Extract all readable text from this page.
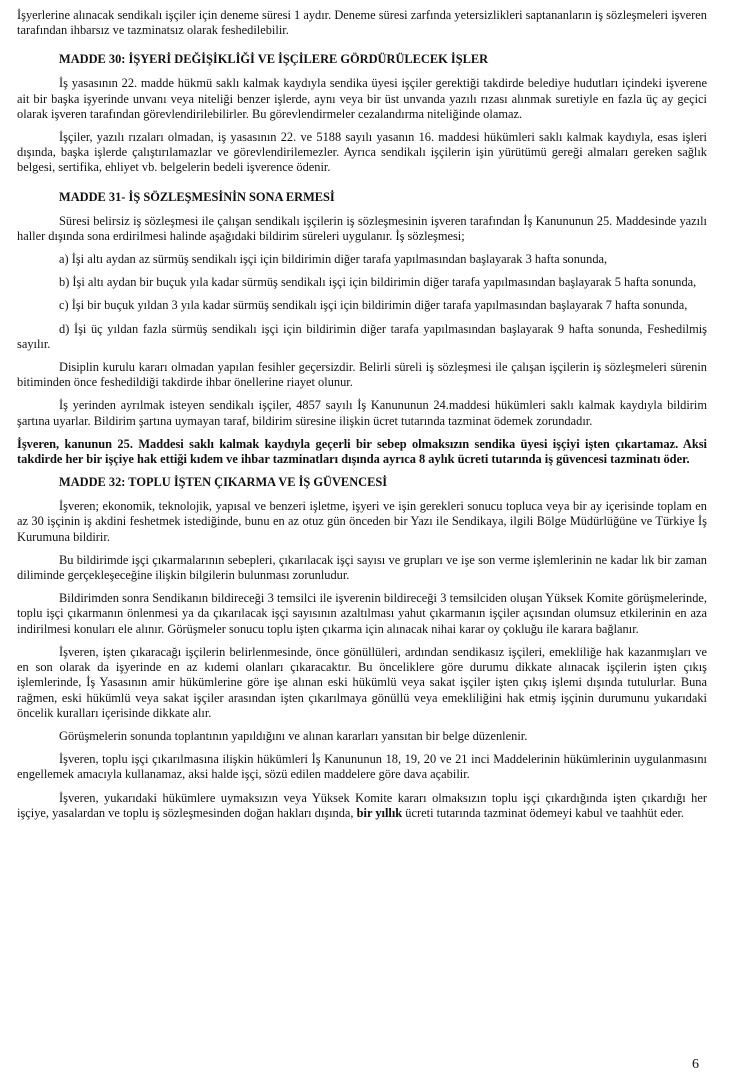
İşyerlerine alınacak sendikalı işçiler için deneme süresi 1 aydır. Deneme süresi zarfında yetersizlikleri saptananların iş sözleşmeleri işveren tarafından ihbarsız ve tazminatsız olarak feshedilebilir.

MADDE 30: İŞYERİ DEĞİŞİKLİĞİ VE İŞÇİLERE GÖRDÜRÜLECEK İŞLER

İş yasasının 22. madde hükmü saklı kalmak kaydıyla sendika üyesi işçiler gerektiği takdirde belediye hudutları içindeki işverene ait bir başka işyerinde unvanı veya niteliği benzer işlerde, aynı veya bir üst unvanda yazılı rızası alınmak suretiyle en fazla üç ay geçici olarak işveren tarafından görevlendirilebilirler. Bu görevlendirmeler cezalandırma niteliğinde olamaz.

İşçiler, yazılı rızaları olmadan, iş yasasının 22. ve 5188 sayılı yasanın 16. maddesi hükümleri saklı kalmak kaydıyla, esas işleri dışında, başka işlerde çalıştırılamazlar ve görevlendirilemezler. Ayrıca sendikalı işçilerin işin yürütümü gereği almaları gereken sağlık belgesi, sertifika, ehliyet vb. belgelerin bedeli işverence ödenir.

MADDE 31- İŞ SÖZLEŞMESİNİN SONA ERMESİ

Süresi belirsiz iş sözleşmesi ile çalışan sendikalı işçilerin iş sözleşmesinin işveren tarafından İş Kanununun 25. Maddesinde yazılı haller dışında sona erdirilmesi halinde aşağıdaki bildirim süreleri uygulanır. İş sözleşmesi;

a) İşi altı aydan az sürmüş sendikalı işçi için bildirimin diğer tarafa yapılmasından başlayarak 3 hafta sonunda,

b) İşi altı aydan bir buçuk yıla kadar sürmüş sendikalı işçi için bildirimin diğer tarafa yapılmasından başlayarak 5 hafta sonunda,

c) İşi bir buçuk yıldan 3 yıla kadar sürmüş sendikalı işçi için bildirimin diğer tarafa yapılmasından başlayarak 7 hafta sonunda,

d) İşi üç yıldan fazla sürmüş sendikalı işçi için bildirimin diğer tarafa yapılmasından başlayarak 9 hafta sonunda, Feshedilmiş sayılır.

Disiplin kurulu kararı olmadan yapılan fesihler geçersizdir. Belirli süreli iş sözleşmesi ile çalışan işçilerin iş sözleşmeleri sürenin bitiminden önce feshedildiği takdirde ihbar önellerine riayet olunur.

İş yerinden ayrılmak isteyen sendikalı işçiler, 4857 sayılı İş Kanununun 24.maddesi hükümleri saklı kalmak kaydıyla bildirim şartına uyarlar. Bildirim şartına uymayan taraf, bildirim süresine ilişkin ücret tutarında tazminat ödemek zorundadır.

İşveren, kanunun 25. Maddesi saklı kalmak kaydıyla geçerli bir sebep olmaksızın sendika üyesi işçiyi işten çıkartamaz. Aksi takdirde her bir işçiye hak ettiği kıdem ve ihbar tazminatları dışında ayrıca 8 aylık ücreti tutarında iş güvencesi tazminatı öder.

MADDE 32: TOPLU İŞTEN ÇIKARMA VE İŞ GÜVENCESİ

İşveren; ekonomik, teknolojik, yapısal ve benzeri işletme, işyeri ve işin gerekleri sonucu topluca veya bir ay içerisinde toplam en az 30 işçinin iş akdini feshetmek istediğinde, bunu en az otuz gün önceden bir Yazı ile Sendikaya, ilgili Bölge Müdürlüğüne ve Türkiye İş Kurumuna bildirir.

Bu bildirimde işçi çıkarmalarının sebepleri, çıkarılacak işçi sayısı ve grupları ve işe son verme işlemlerinin ne kadar lık bir zaman diliminde gerçekleşeceğine ilişkin bilgilerin bulunması zorunludur.

Bildirimden sonra Sendikanın bildireceği 3 temsilci ile işverenin bildireceği 3 temsilciden oluşan Yüksek Komite görüşmelerinde, toplu işçi çıkarmanın önlenmesi ya da çıkarılacak işçi sayısının azaltılması yahut çıkarmanın işçiler açısından olumsuz etkilerinin en aza indirilmesi konuları ele alınır. Görüşmeler sonucu toplu işten çıkarma için alınacak nihai karar oy çokluğu ile karara bağlanır.

İşveren, işten çıkaracağı işçilerin belirlenmesinde, önce gönüllüleri, ardından sendikasız işçileri, emekliliğe hak kazanmışları ve en son olarak da işyerinde en az kıdemi olanları çıkaracaktır. Bu önceliklere göre durumu dikkate alınacak işçilerin işten çıkış işlemlerinde, İş Yasasının amir hükümlerine göre işe alınan eski hükümlü veya sakat işçiler işten çıkış işlemi dışında tutulurlar. Buna rağmen, eski hükümlü veya sakat işçiler arasından işten çıkarılmaya gönüllü veya emekliliğini hak etmiş işçinin durumunu yukarıdaki öncelik kuralları içerisinde dikkate alır.

Görüşmelerin sonunda toplantının yapıldığını ve alınan kararları yansıtan bir belge düzenlenir.

İşveren, toplu işçi çıkarılmasına ilişkin hükümleri İş Kanununun 18, 19, 20 ve 21 inci Maddelerinin hükümlerinin uygulanmasını engellemek amacıyla kullanamaz, aksi halde işçi, sözü edilen maddelere göre dava açabilir.

İşveren, yukarıdaki hükümlere uymaksızın veya Yüksek Komite kararı olmaksızın toplu işçi çıkardığında işten çıkardığı her işçiye, yasalardan ve toplu iş sözleşmesinden doğan hakları dışında, bir yıllık ücreti tutarında tazminat ödemeyi kabul ve taahhüt eder.

6
